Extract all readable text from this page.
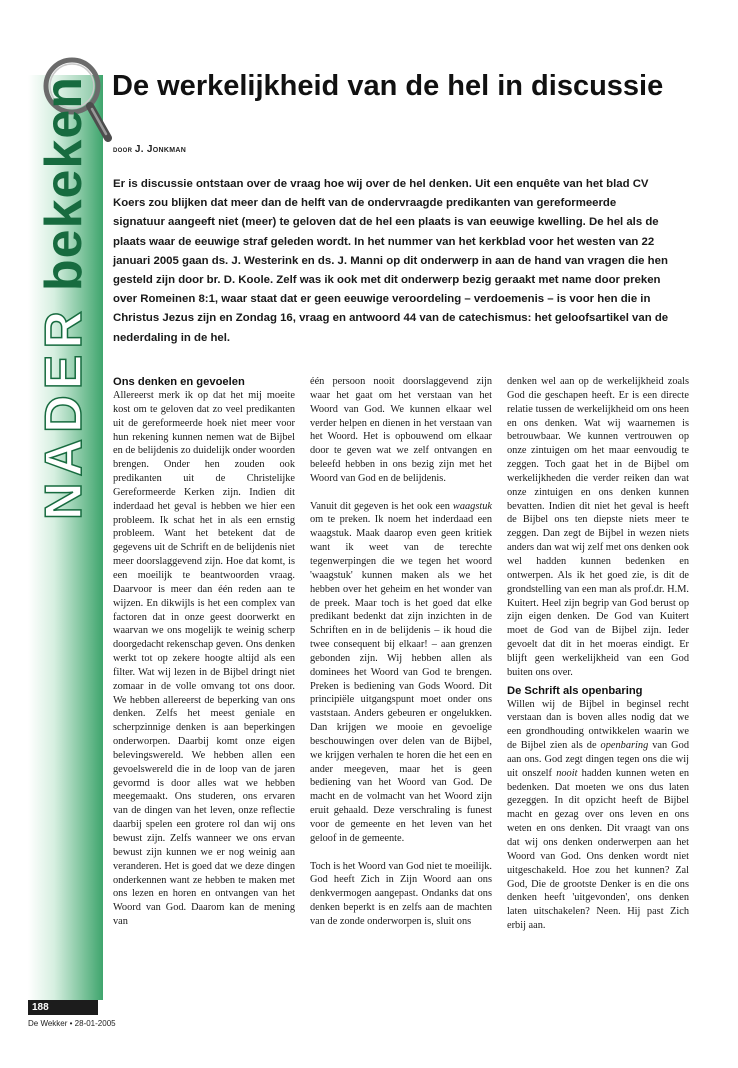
NADERbekeken De werkelijkheid van de hel in discussie
door J. Jonkman

Er is discussie ontstaan over de vraag hoe wij over de hel denken. Uit een enquête van het blad CV Koers zou blijken dat meer dan de helft van de ondervraagde predikanten van gereformeerde signatuur aangeeft niet (meer) te geloven dat de hel een plaats is van eeuwige kwelling. De hel als de plaats waar de eeuwige straf geleden wordt. In het nummer van het kerkblad voor het westen van 22 januari 2005 gaan ds. J. Westerink en ds. J. Manni op dit onderwerp in aan de hand van vragen die hen gesteld zijn door br. D. Koole. Zelf was ik ook met dit onderwerp bezig geraakt met name door preken over Romeinen 8:1, waar staat dat er geen eeuwige veroordeling – verdoemenis – is voor hen die in Christus Jezus zijn en Zondag 16, vraag en antwoord 44 van de catechismus: het geloofsartikel van de nederdaling in de hel.

Ons denken en gevoelen

Allereerst merk ik op dat het mij moeite kost om te geloven dat zo veel predikanten uit de gereformeerde hoek niet meer voor hun rekening kunnen nemen wat de Bijbel en de belijdenis zo duidelijk onder woorden brengen. Onder hen zouden ook predikanten uit de Christelijke Gereformeerde Kerken zijn. Indien dit inderdaad het geval is hebben we hier een probleem. Ik schat het in als een ernstig probleem. Want het betekent dat de gegevens uit de Schrift en de belijdenis niet meer doorslaggevend zijn. Hoe dat komt, is een moeilijk te beantwoorden vraag. Daarvoor is meer dan één reden aan te wijzen. En dikwijls is het een complex van factoren dat in onze geest doorwerkt en waarvan we ons mogelijk te weinig scherp doorgedacht rekenschap geven. Ons denken werkt tot op zekere hoogte altijd als een filter. Wat wij lezen in de Bijbel dringt niet zomaar in de volle omvang tot ons door. We hebben allereerst de beperking van ons denken. Zelfs het meest geniale en scherpzinnige denken is aan beperkingen onderworpen. Daarbij komt onze eigen belevingswereld. We hebben allen een gevoelswereld die in de loop van de jaren gevormd is door alles wat we hebben meegemaakt. Ons studeren, ons ervaren van de dingen van het leven, onze reflectie daarbij spelen een grotere rol dan wij ons bewust zijn. Zelfs wanneer we ons ervan bewust zijn kunnen we er nog weinig aan veranderen. Het is goed dat we deze dingen onderkennen want ze hebben te maken met ons lezen en horen en ontvangen van het Woord van God. Daarom kan de mening van

één persoon nooit doorslaggevend zijn waar het gaat om het verstaan van het Woord van God. We kunnen elkaar wel verder helpen en dienen in het verstaan van het Woord. Het is opbouwend om elkaar door te geven wat we zelf ontvangen en beleefd hebben in ons bezig zijn met het Woord van God en de belijdenis.

Vanuit dit gegeven is het ook een waagstuk om te preken. Ik noem het inderdaad een waagstuk. Maak daarop even geen kritiek want ik weet van de terechte tegenwerpingen die we tegen het woord 'waagstuk' kunnen maken als we het hebben over het geheim en het wonder van de preek. Maar toch is het goed dat elke predikant bedenkt dat zijn inzichten in de Schriften en in de belijdenis – ik houd die twee consequent bij elkaar! – aan grenzen gebonden zijn. Wij hebben allen als dominees het Woord van God te brengen. Preken is bediening van Gods Woord. Dit principiële uitgangspunt moet onder ons vaststaan. Anders gebeuren er ongelukken. Dan krijgen we mooie en gevoelige beschouwingen over delen van de Bijbel, we krijgen verhalen te horen die het een en ander meegeven, maar het is geen bediening van het Woord van God. De macht en de volmacht van het Woord zijn eruit gehaald. Deze verschraling is funest voor de gemeente en het leven van het geloof in de gemeente.

Toch is het Woord van God niet te moeilijk. God heeft Zich in Zijn Woord aan ons denkvermogen aangepast. Ondanks dat ons denken beperkt is en zelfs aan de machten van de zonde onderworpen is, sluit ons

denken wel aan op de werkelijkheid zoals God die geschapen heeft. Er is een directe relatie tussen de werkelijkheid om ons heen en ons denken. Wat wij waarnemen is betrouwbaar. We kunnen vertrouwen op onze zintuigen om het maar eenvoudig te zeggen. Toch gaat het in de Bijbel om werkelijkheden die verder reiken dan wat onze zintuigen en ons denken kunnen bevatten. Indien dit niet het geval is heeft de Bijbel ons ten diepste niets meer te zeggen. Dan zegt de Bijbel in wezen niets anders dan wat wij zelf met ons denken ook wel hadden kunnen bedenken en ontwerpen. Als ik het goed zie, is dit de grondstelling van een man als prof.dr. H.M. Kuitert. Heel zijn begrip van God berust op zijn eigen denken. De God van Kuitert moet de God van de Bijbel zijn. Ieder gevoelt dat dit in het moeras eindigt. Er blijft geen werkelijkheid van een God buiten ons over.

De Schrift als openbaring

Willen wij de Bijbel in beginsel recht verstaan dan is boven alles nodig dat we een grondhouding ontwikkelen waarin we de Bijbel zien als de openbaring van God aan ons. God zegt dingen tegen ons die wij uit onszelf nooit hadden kunnen weten en bedenken. Dat moeten we ons dus laten gezeggen. In dit opzicht heeft de Bijbel macht en gezag over ons leven en ons weten en ons denken. Dit vraagt van ons dat wij ons denken onderwerpen aan het Woord van God. Ons denken wordt niet uitgeschakeld. Hoe zou het kunnen? Zal God, Die de grootste Denker is en die ons denken heeft 'uitgevonden', ons denken laten uitschakelen? Neen. Hij past Zich erbij aan.

188
De Wekker • 28-01-2005
